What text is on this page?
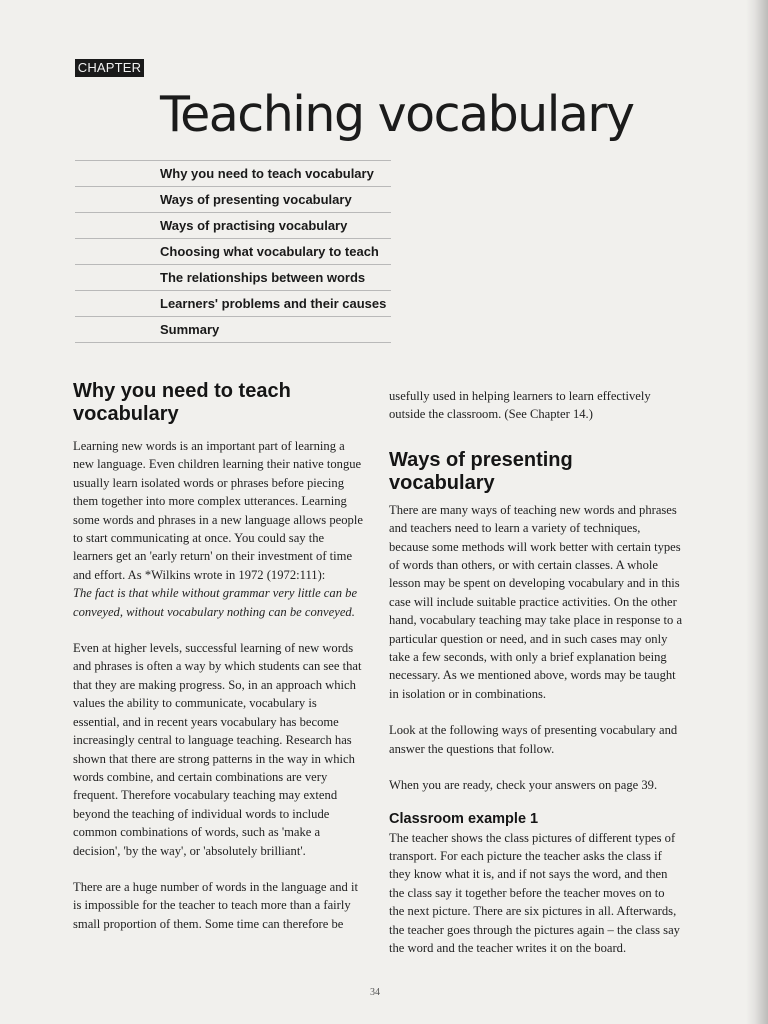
CHAPTER
Teaching vocabulary
Why you need to teach vocabulary
Ways of presenting vocabulary
Ways of practising vocabulary
Choosing what vocabulary to teach
The relationships between words
Learners' problems and their causes
Summary
Why you need to teach vocabulary

Learning new words is an important part of learning a new language. Even children learning their native tongue usually learn isolated words or phrases before piecing them together into more complex utterances. Learning some words and phrases in a new language allows people to start communicating at once. You could say the learners get an 'early return' on their investment of time and effort. As *Wilkins wrote in 1972 (1972:111):

The fact is that while without grammar very little can be conveyed, without vocabulary nothing can be conveyed.

Even at higher levels, successful learning of new words and phrases is often a way by which students can see that that they are making progress. So, in an approach which values the ability to communicate, vocabulary is essential, and in recent years vocabulary has become increasingly central to language teaching. Research has shown that there are strong patterns in the way in which words combine, and certain combinations are very frequent. Therefore vocabulary teaching may extend beyond the teaching of individual words to include common combinations of words, such as 'make a decision', 'by the way', or 'absolutely brilliant'.

There are a huge number of words in the language and it is impossible for the teacher to teach more than a fairly small proportion of them. Some time can therefore be

usefully used in helping learners to learn effectively outside the classroom. (See Chapter 14.)

Ways of presenting vocabulary

There are many ways of teaching new words and phrases and teachers need to learn a variety of techniques, because some methods will work better with certain types of words than others, or with certain classes. A whole lesson may be spent on developing vocabulary and in this case will include suitable practice activities. On the other hand, vocabulary teaching may take place in response to a particular question or need, and in such cases may only take a few seconds, with only a brief explanation being necessary. As we mentioned above, words may be taught in isolation or in combinations.

Look at the following ways of presenting vocabulary and answer the questions that follow.

When you are ready, check your answers on page 39.

Classroom example 1

The teacher shows the class pictures of different types of transport. For each picture the teacher asks the class if they know what it is, and if not says the word, and then the class say it together before the teacher moves on to the next picture. There are six pictures in all. Afterwards, the teacher goes through the pictures again – the class say the word and the teacher writes it on the board.

34
